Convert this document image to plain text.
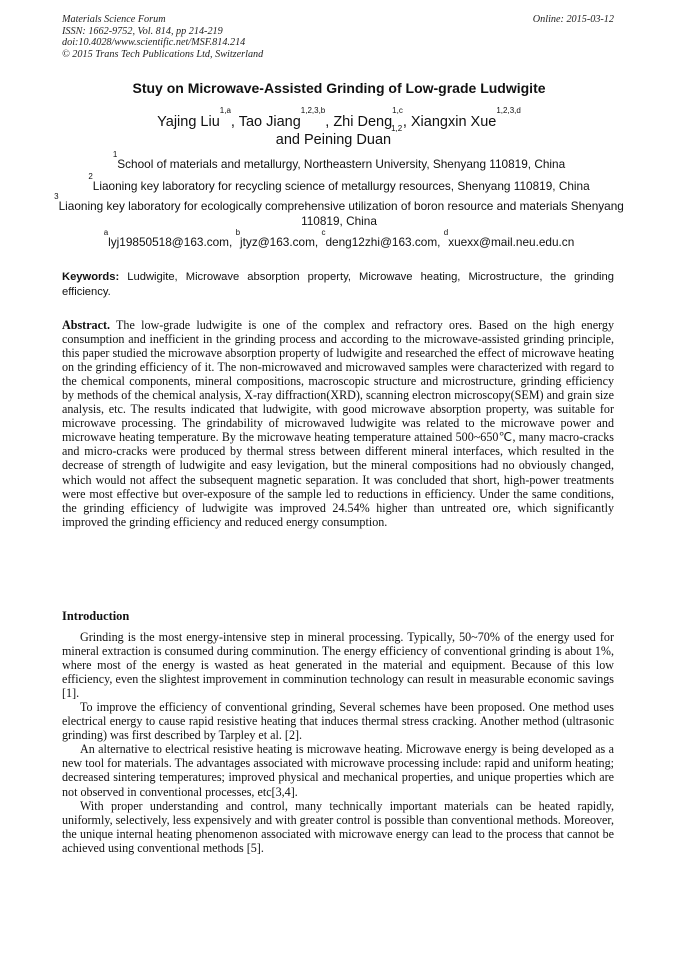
Materials Science Forum
ISSN: 1662-9752, Vol. 814, pp 214-219
doi:10.4028/www.scientific.net/MSF.814.214
© 2015 Trans Tech Publications Ltd, Switzerland
Online: 2015-03-12
Stuy on Microwave-Assisted Grinding of Low-grade Ludwigite
Yajing Liu$^{1,a}$, Tao Jiang$^{1,2,3,b}$, Zhi Deng$^{1,c}$, Xiangxin Xue$^{1,2,3,d}$
and Peining Duan$^{1,2}$
$^1$School of materials and metallurgy, Northeastern University, Shenyang 110819, China
$^2$Liaoning key laboratory for recycling science of metallurgy resources, Shenyang 110819, China
$^3$Liaoning key laboratory for ecologically comprehensive utilization of boron resource and materials Shenyang 110819, China
$^a$lyj19850518@163.com, $^b$jtyz@163.com, $^c$deng12zhi@163.com, $^d$xuexx@mail.neu.edu.cn
Keywords: Ludwigite, Microwave absorption property, Microwave heating, Microstructure, the grinding efficiency.
Abstract. The low-grade ludwigite is one of the complex and refractory ores. Based on the high energy consumption and inefficient in the grinding process and according to the microwave-assisted grinding principle, this paper studied the microwave absorption property of ludwigite and researched the effect of microwave heating on the grinding efficiency of it. The non-microwaved and microwaved samples were characterized with regard to the chemical components, mineral compositions, macroscopic structure and microstructure, grinding efficiency by methods of the chemical analysis, X-ray diffraction(XRD), scanning electron microscopy(SEM) and grain size analysis, etc. The results indicated that ludwigite, with good microwave absorption property, was suitable for microwave processing. The grindability of microwaved ludwigite was related to the microwave power and microwave heating temperature. By the microwave heating temperature attained 500~650℃, many macro-cracks and micro-cracks were produced by thermal stress between different mineral interfaces, which resulted in the decrease of strength of ludwigite and easy levigation, but the mineral compositions had no obviously changed, which would not affect the subsequent magnetic separation. It was concluded that short, high-power treatments were most effective but over-exposure of the sample led to reductions in efficiency. Under the same conditions, the grinding efficiency of ludwigite was improved 24.54% higher than untreated ore, which significantly improved the grinding efficiency and reduced energy consumption.
Introduction

Grinding is the most energy-intensive step in mineral processing. Typically, 50~70% of the energy used for mineral extraction is consumed during comminution. The energy efficiency of conventional grinding is about 1%, where most of the energy is wasted as heat generated in the material and equipment. Because of this low efficiency, even the slightest improvement in comminution technology can result in measurable economic savings [1].

To improve the efficiency of conventional grinding, Several schemes have been proposed. One method uses electrical energy to cause rapid resistive heating that induces thermal stress cracking. Another method (ultrasonic grinding) was first described by Tarpley et al. [2].

An alternative to electrical resistive heating is microwave heating. Microwave energy is being developed as a new tool for materials. The advantages associated with microwave processing include: rapid and uniform heating; decreased sintering temperatures; improved physical and mechanical properties, and unique properties which are not observed in conventional processes, etc[3,4].

With proper understanding and control, many technically important materials can be heated rapidly, uniformly, selectively, less expensively and with greater control is possible than conventional methods. Moreover, the unique internal heating phenomenon associated with microwave energy can lead to the process that cannot be achieved using conventional methods [5].
